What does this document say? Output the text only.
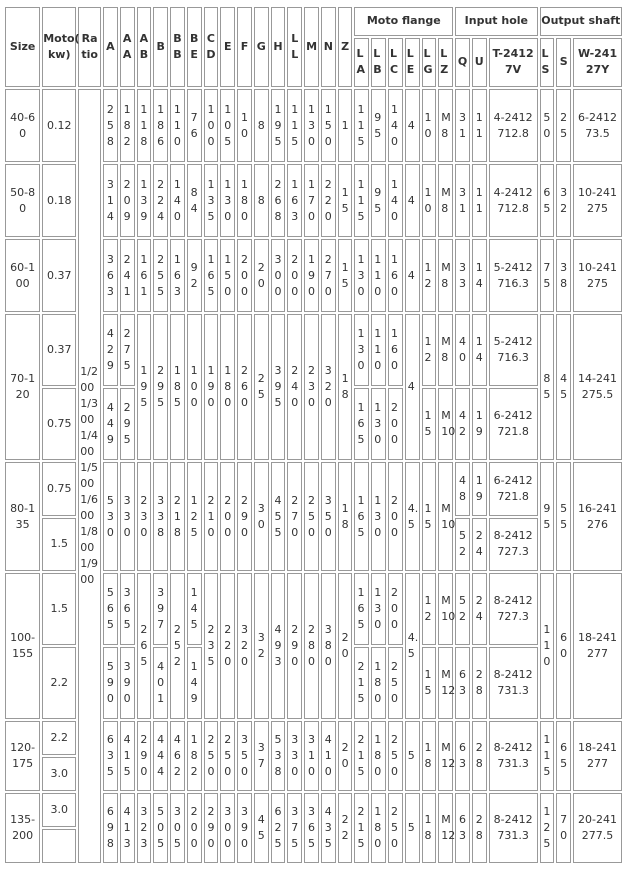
Size	Moto( kw)	Ra tio	A	A A	A B	B	B B	B E	C D	E	F	G	H	L L	M	N	Z	Moto flange						Input hole			Output shaft		
																		L A	L B	L C	L E	L G	L Z	Q	U	T-2412 7V	L S	S	W-241 27Y
40-6 0	0.12	1/2 00 1/3 00 1/4 00 1/5 00 1/6 00 1/8 00 1/9 00	2 5 8	1 8 2	1 1 8	1 8 6	1 1 0	7 6	1 0 0	1 0 5	1 0	8	1 9 5	1 1 5	1 3 0	1 5 0	1	1 1 5	9 5	1 4 0	4	1 0	M 8	3 1	1 1	4-2412 712.8	5 0	2 5	6-2412 73.5
50-8 0	0.18		3 1 4	2 0 9	1 3 9	2 2 4	1 4 0	8 4	1 3 5	1 3 0	1 8 0	8	2 6 8	1 6 3	1 7 0	2 2 0	1 5	1 1 5	9 5	1 4 0	4	1 0	M 8	3 1	1 1	4-2412 712.8	6 5	3 2	10-241 275
60-1 00	0.37		3 6 3	2 4 1	1 6 1	2 5 5	1 6 3	9 2	1 6 5	1 5 0	2 0 0	2 0	3 0 0	2 0 0	1 9 0	2 7 0	1 5	1 3 0	1 1 0	1 6 0	4	1 2	M 8	3 3	1 4	5-2412 716.3	7 5	3 8	10-241 275
70-1 20	0.37		4 2 9	2 7 5	1 9 5	2 9 5	1 8 5	1 0 0	1 9 0	1 8 0	2 6 0	2 5	3 9 5	2 4 0	2 3 0	3 2 0	1 8	1 3 0	1 1 0	1 6 0	4	1 2	M 8	4 0	1 4	5-2412 716.3	8 5	4 5	14-241 275.5
	0.75		4 4 9	2 9 5														1 6 5	1 3 0	2 0 0		1 5	M 10	4 2	1 9	6-2412 721.8			
80-1 35	0.75		5 3 0	3 3 0	2 3 0	3 3 8	2 1 8	1 2 5	2 1 0	2 0 0	2 9 0	3 0	4 5 5	2 7 0	2 5 0	3 5 0	1 8	1 6 5	1 3 0	2 0 0	4. 5	1 5	M 10	4 8	1 9	6-2412 721.8	9 5	5 5	16-241 276
	1.5																							5 2	2 4	8-2412 727.3			
100- 155	1.5		5 6 5	3 6 5	2 6 5	3 9 7	2 5 2	1 4 5	2 3 5	2 2 0	3 2 0	3 2	4 9 3	2 9 0	2 8 0	3 8 0	2 0	1 6 5	1 3 0	2 0 0	4. 5	1 2	M 10	5 2	2 4	8-2412 727.3	1 1 0	6 0	18-241 277
	2.2		5 9 0	3 9 0		4 0 1		1 4 9										2 1 5	1 8 0	2 5 0		1 5	M 12	6 3	2 8	8-2412 731.3			
120- 175	2.2		6 3 5	4 1 5	2 9 0	4 4 4	4 6 2	1 8 2	2 5 0	2 5 0	3 5 0	3 7	5 3 8	3 3 0	3 1 0	4 1 0	2 0	2 1 5	1 8 0	2 5 0	5	1 8	M 12	6 3	2 8	8-2412 731.3	1 1 5	6 5	18-241 277
	3.0																												
135- 200	3.0		6 9 8	4 1 3	3 2 3	5 0 5	3 0 5	2 0 0	2 9 0	3 0 0	3 9 0	4 5	6 2 5	3 7 5	3 6 5	4 3 5	2 2	2 1 5	1 8 0	2 5 0	5	1 8	M 12	6 3	2 8	8-2412 731.3	1 2 5	7 0	20-241 277.5
